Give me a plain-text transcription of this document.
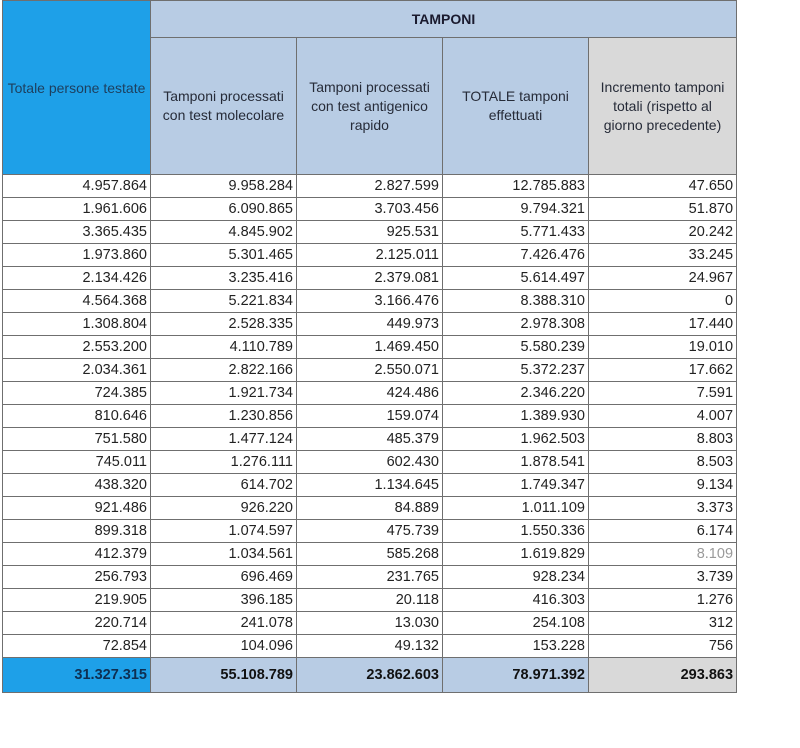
Totale persone testate	TAMPONI			
	Tamponi processati con test molecolare	Tamponi processati con test antigenico rapido	TOTALE tamponi effettuati	Incremento tamponi totali (rispetto al giorno precedente)
4.957.864	9.958.284	2.827.599	12.785.883	47.650
1.961.606	6.090.865	3.703.456	9.794.321	51.870
3.365.435	4.845.902	925.531	5.771.433	20.242
1.973.860	5.301.465	2.125.011	7.426.476	33.245
2.134.426	3.235.416	2.379.081	5.614.497	24.967
4.564.368	5.221.834	3.166.476	8.388.310	0
1.308.804	2.528.335	449.973	2.978.308	17.440
2.553.200	4.110.789	1.469.450	5.580.239	19.010
2.034.361	2.822.166	2.550.071	5.372.237	17.662
724.385	1.921.734	424.486	2.346.220	7.591
810.646	1.230.856	159.074	1.389.930	4.007
751.580	1.477.124	485.379	1.962.503	8.803
745.011	1.276.111	602.430	1.878.541	8.503
438.320	614.702	1.134.645	1.749.347	9.134
921.486	926.220	84.889	1.011.109	3.373
899.318	1.074.597	475.739	1.550.336	6.174
412.379	1.034.561	585.268	1.619.829	8.109
256.793	696.469	231.765	928.234	3.739
219.905	396.185	20.118	416.303	1.276
220.714	241.078	13.030	254.108	312
72.854	104.096	49.132	153.228	756
31.327.315	55.108.789	23.862.603	78.971.392	293.863
